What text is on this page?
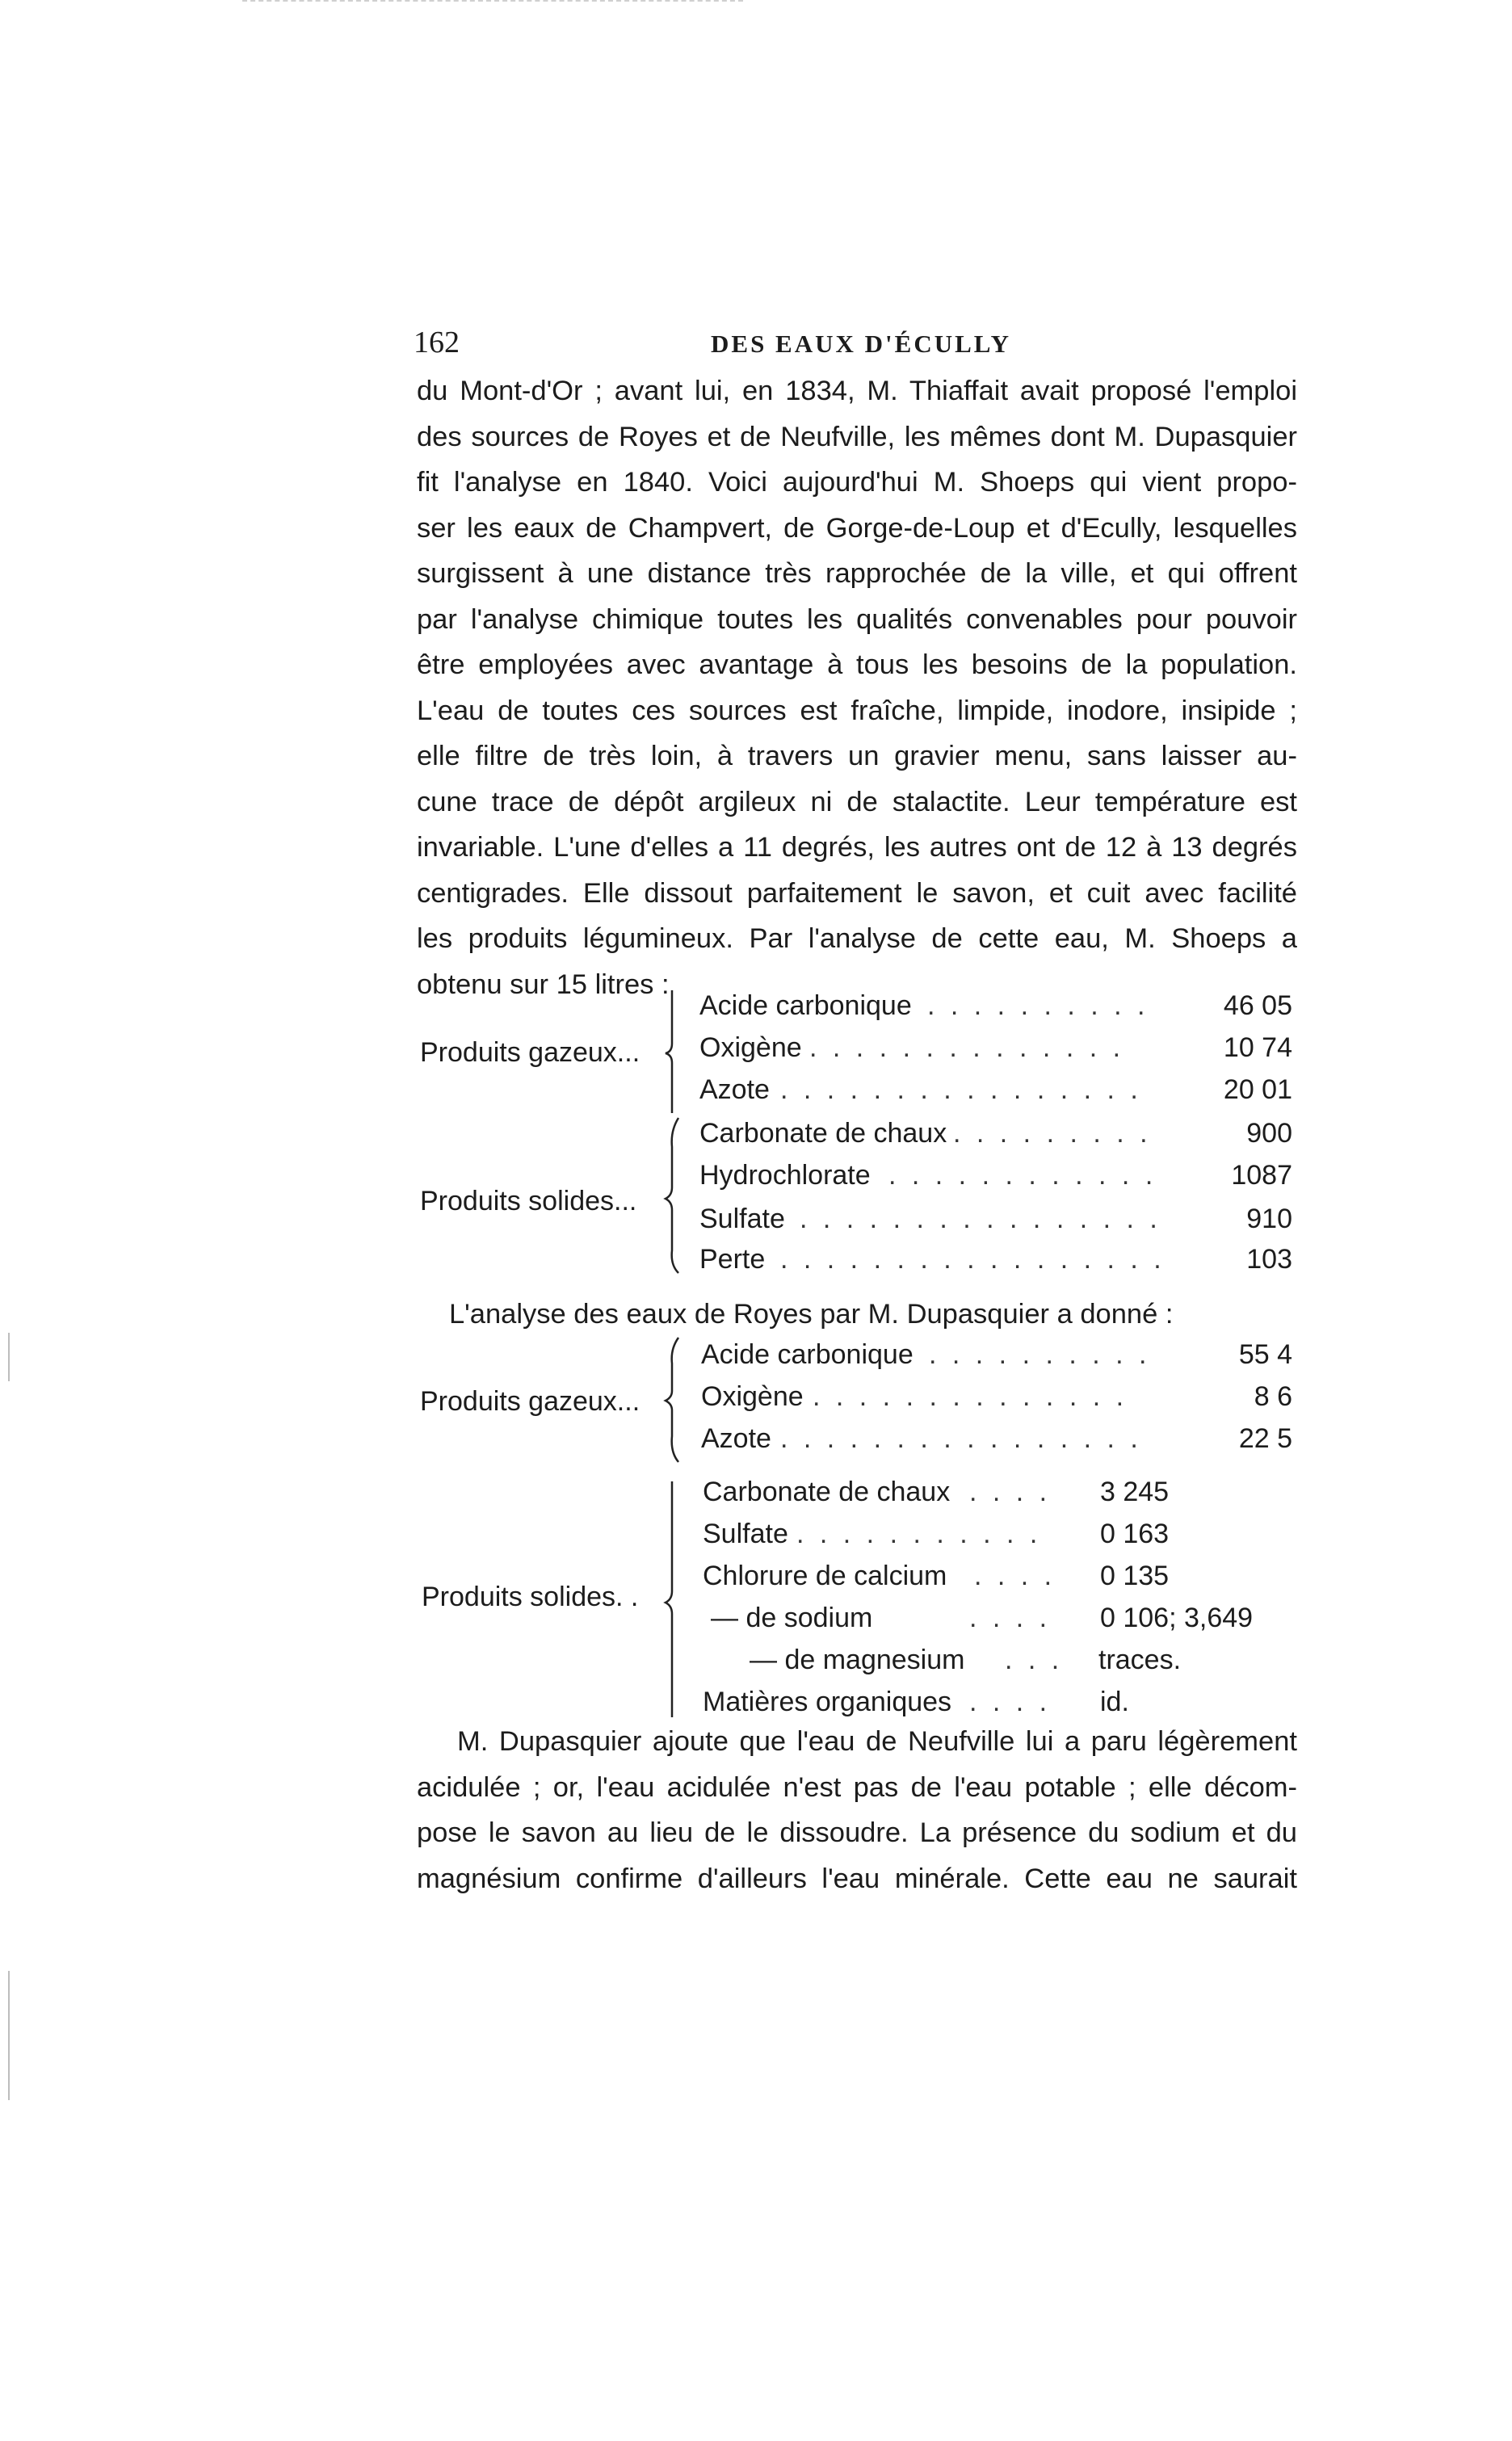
162	DES EAUX D'ÉCULLY
du Mont-d'Or ; avant lui, en 1834, M. Thiaffait avait proposé l'emploi
des sources de Royes et de Neufville, les mêmes dont M. Dupasquier
fit l'analyse en 1840. Voici aujourd'hui M. Shoeps qui vient propo-
ser les eaux de Champvert, de Gorge-de-Loup et d'Ecully, lesquelles
surgissent à une distance très rapprochée de la ville, et qui offrent
par l'analyse chimique toutes les qualités convenables pour pouvoir
être employées avec avantage à tous les besoins de la population.
L'eau de toutes ces sources est fraîche, limpide, inodore, insipide ;
elle filtre de très loin, à travers un gravier menu, sans laisser au-
cune trace de dépôt argileux ni de stalactite. Leur température est
invariable. L'une d'elles a 11 degrés, les autres ont de 12 à 13 degrés
centigrades. Elle dissout parfaitement le savon, et cuit avec facilité
les produits légumineux. Par l'analyse de cette eau, M. Shoeps a
obtenu sur 15 litres :
Produits gazeux...
Acide carbonique . . . . . . . . . .	46 05
Oxigène . . . . . . . . . . . . . .	10 74
Azote . . . . . . . . . . . . . . . .	20 01
Produits solides...
Carbonate de chaux . . . . . . . . .	900
Hydrochlorate . . . . . . . . . . . .	1087
Sulfate . . . . . . . . . . . . . . . .	910
Perte . . . . . . . . . . . . . . . . .	103
L'analyse des eaux de Royes par M. Dupasquier a donné :
Produits gazeux...
Acide carbonique . . . . . . . . . .	55 4
Oxigène . . . . . . . . . . . . . .	8 6
Azote . . . . . . . . . . . . . . . .	22 5
Produits solides. .
Carbonate de chaux . . . .	3 245
Sulfate . . . . . . . . . . .	0 163
Chlorure de calcium . . . .	0 135
— de sodium	. . . .	0 106; 3,649
— de magnesium . . .	traces.
Matières organiques . . . .	id.
M. Dupasquier ajoute que l'eau de Neufville lui a paru légèrement
acidulée ; or, l'eau acidulée n'est pas de l'eau potable ; elle décom-
pose le savon au lieu de le dissoudre. La présence du sodium et du
magnésium confirme d'ailleurs l'eau minérale. Cette eau ne saurait
